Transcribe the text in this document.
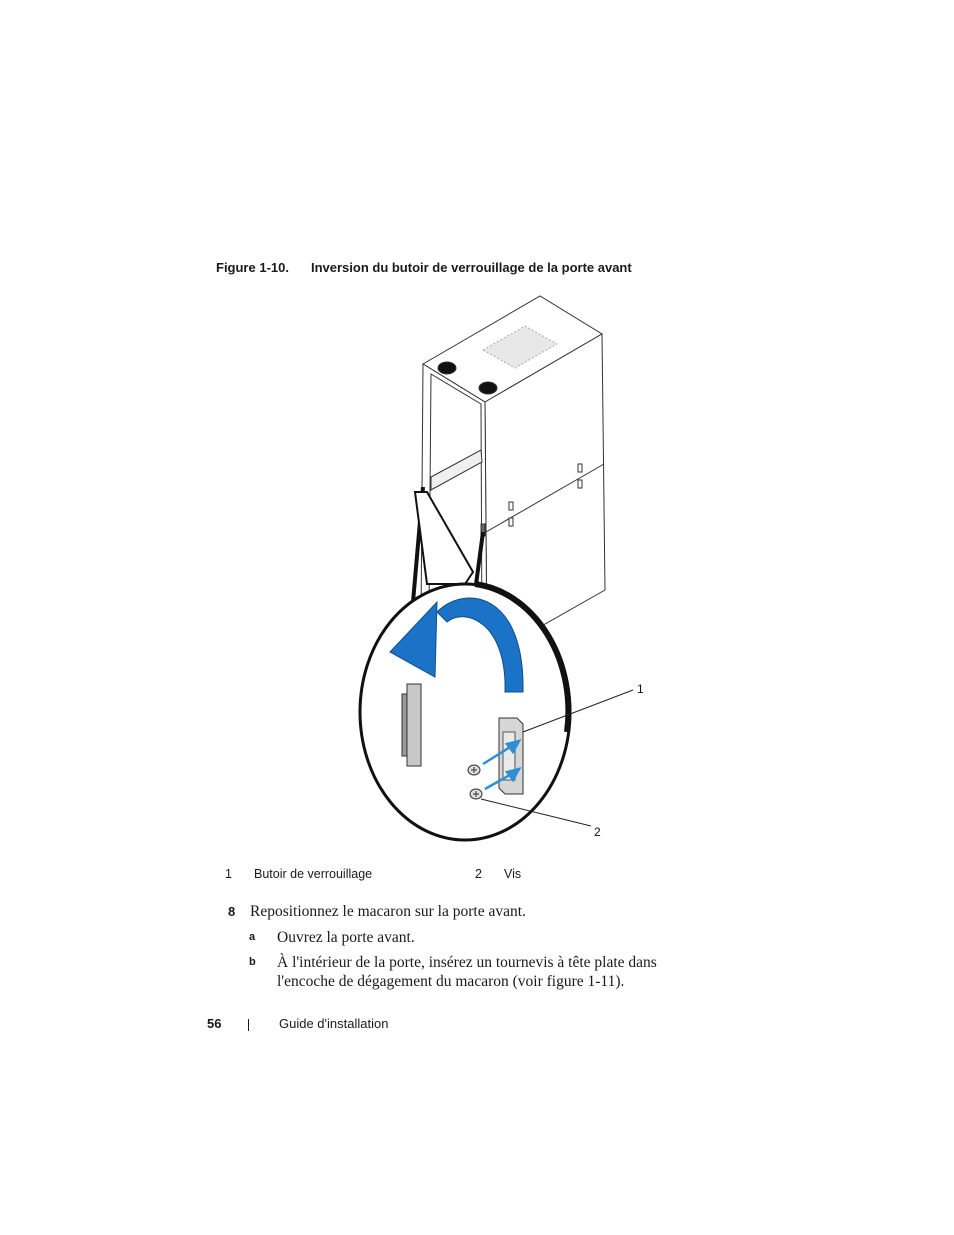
Figure 1-10. Inversion du butoir de verrouillage de la porte avant
1
2
1 Butoir de verrouillage	2 Vis
8 Repositionnez le macaron sur la porte avant.
a Ouvrez la porte avant.
b À l'intérieur de la porte, insérez un tournevis à tête plate dans
l'encoche de dégagement du macaron (voir figure 1-11).
56	Guide d'installation
